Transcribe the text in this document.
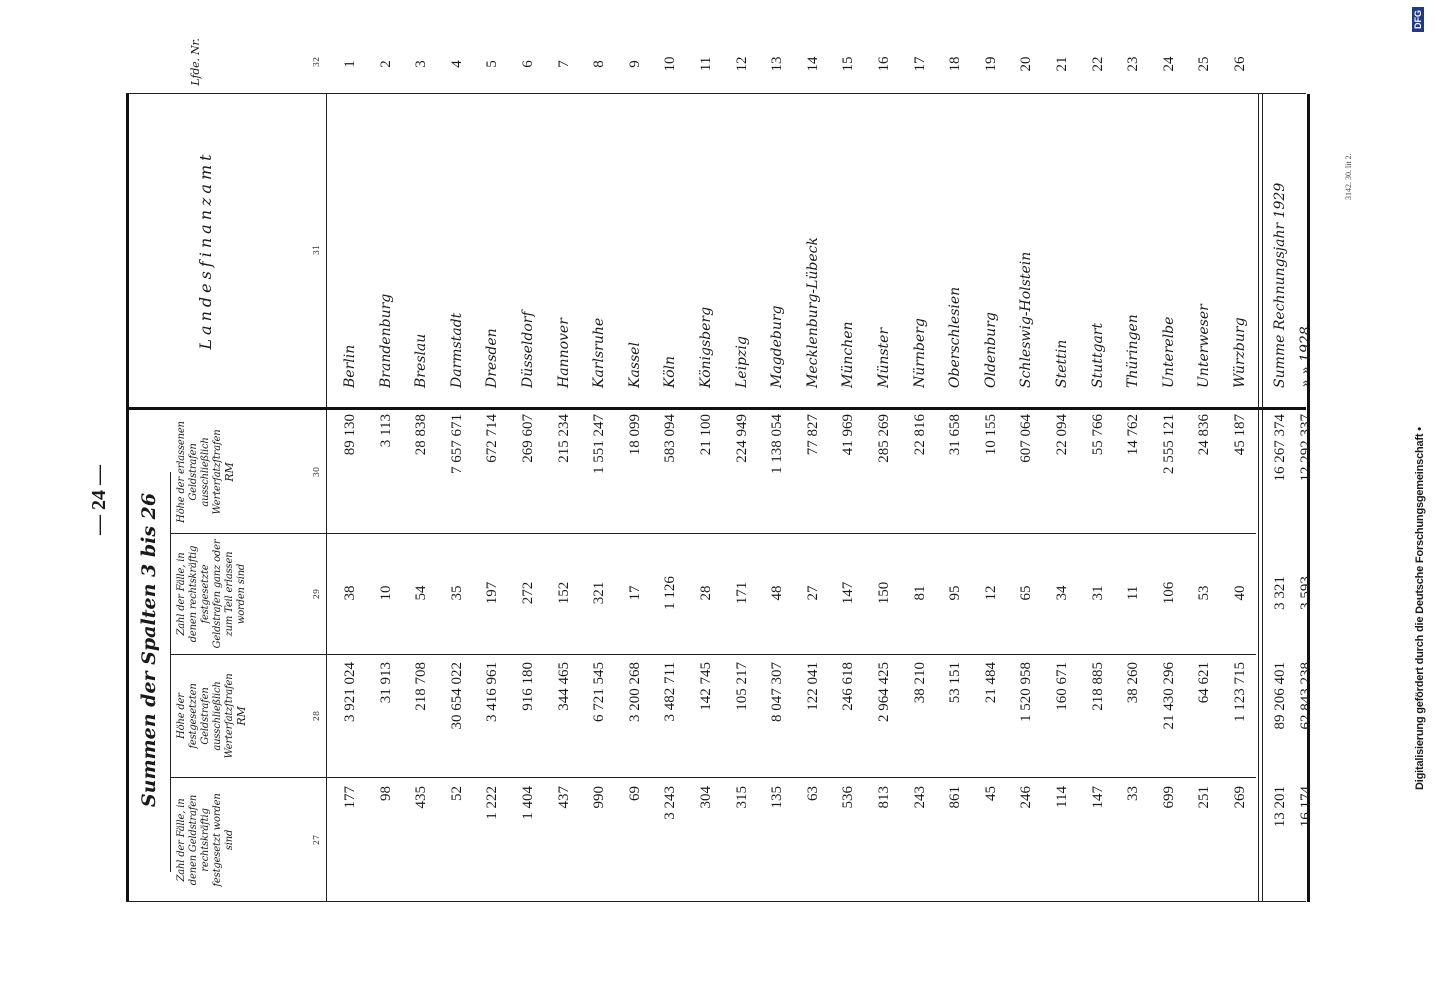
— 24 — Summen der Spalten 3 bis 26
Zahl der Fälle, in denen Geldstrafen rechtskräftig festgesetzt worden sind
Höhe der festgesetzten Geldstrafen ausschließlich Werterſatzſtrafen
RM
Zahl der Fälle, in denen rechtskräftig festgesetzte Geldstrafen ganz oder zum Teil erlassen worden sind
Höhe der erlassenen Geldstrafen ausschließlich Werterſatzſtrafen
RM
Landesfinanzamt
Lfde. Nr.
27
28
29
30
31
32
177
3 921 024
38
89 130
Berlin
1
98
31 913
10
3 113
Brandenburg
2
435
218 708
54
28 838
Breslau
3
52
30 654 022
35
7 657 671
Darmstadt
4
1 222
3 416 961
197
672 714
Dresden
5
1 404
916 180
272
269 607
Düsseldorf
6
437
344 465
152
215 234
Hannover
7
990
6 721 545
321
1 551 247
Karlsruhe
8
69
3 200 268
17
18 099
Kassel
9
3 243
3 482 711
1 126
583 094
Köln
10
304
142 745
28
21 100
Königsberg
11
315
105 217
171
224 949
Leipzig
12
135
8 047 307
48
1 138 054
Magdeburg
13
63
122 041
27
77 827
Mecklenburg-Lübeck
14
536
246 618
147
41 969
München
15
813
2 964 425
150
285 269
Münster
16
243
38 210
81
22 816
Nürnberg
17
861
53 151
95
31 658
Oberschlesien
18
45
21 484
12
10 155
Oldenburg
19
246
1 520 958
65
607 064
Schleswig-Holstein
20
114
160 671
34
22 094
Stettin
21
147
218 885
31
55 766
Stuttgart
22
33
38 260
11
14 762
Thüringen
23
699
21 430 296
106
2 555 121
Unterelbe
24
251
64 621
53
24 836
Unterweser
25
269
1 123 715
40
45 187
Würzburg
26
13 201
89 206 401
3 321
16 267 374
Summe Rechnungsjahr 1929
16 174
62 843 238
3 593
12 292 337
» » 1928
3142. 30. lit 2.
Digitalisierung gefördert durch die Deutsche Forschungsgemeinschaft •
DFG
